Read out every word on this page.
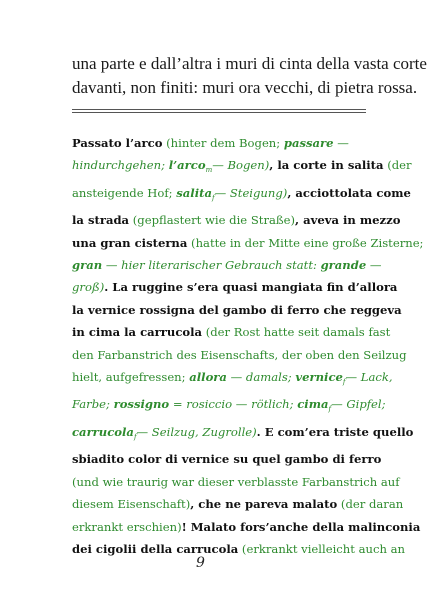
una parte e dall’altra i muri di cinta della vasta corte
davanti, non finiti: muri ora vecchi, di pietra rossa.
Passato l’arco (hinter dem Bogen; passare —
hindurchgehen; l’arco$_m$— Bogen), la corte in salita (der
ansteigende Hof; salita$_f$— Steigung), acciottolata come
la strada (gepflastert wie die Straße), aveva in mezzo
una gran cisterna (hatte in der Mitte eine große Zisterne;
gran — hier literarischer Gebrauch statt: grande —
groß). La ruggine s’era quasi mangiata fin d’allora
la vernice rossigna del gambo di ferro che reggeva
in cima la carrucola (der Rost hatte seit damals fast
den Farbanstrich des Eisenschafts, der oben den Seilzug
hielt, aufgefressen; allora — damals; vernice$_f$— Lack,
Farbe; rossigno = rosiccio — rötlich; cima$_f$— Gipfel;
carrucola$_f$— Seilzug, Zugrolle). E com’era triste quello
sbiadito color di vernice su quel gambo di ferro
(und wie traurig war dieser verblasste Farbanstrich auf
diesem Eisenschaft), che ne pareva malato (der daran
erkrankt erschien)! Malato fors’anche della malinconia
dei cigolii della carrucola (erkrankt vielleicht auch an
9
